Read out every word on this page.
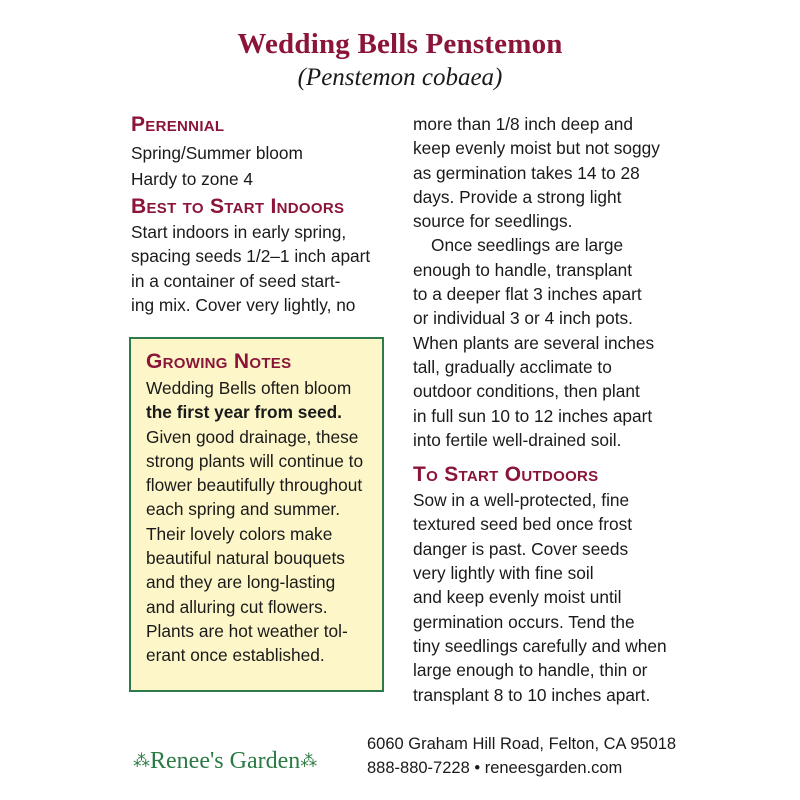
Wedding Bells Penstemon
(Penstemon cobaea)
Perennial
Spring/Summer bloom
Hardy to zone 4
Best to Start Indoors
Start indoors in early spring,
spacing seeds 1/2–1 inch apart
in a container of seed start-
ing mix. Cover very lightly, no
Growing Notes
Wedding Bells often bloom
the first year from seed.
Given good drainage, these
strong plants will continue to
flower beautifully throughout
each spring and summer.
Their lovely colors make
beautiful natural bouquets
and they are long-lasting
and alluring cut flowers.
Plants are hot weather tol-
erant once established.
more than 1/8 inch deep and
keep evenly moist but not soggy
as germination takes 14 to 28
days. Provide a strong light
source for seedlings.
Once seedlings are large
enough to handle, transplant
to a deeper flat 3 inches apart
or individual 3 or 4 inch pots.
When plants are several inches
tall, gradually acclimate to
outdoor conditions, then plant
in full sun 10 to 12 inches apart
into fertile well-drained soil.
To Start Outdoors
Sow in a well-protected, fine
textured seed bed once frost
danger is past. Cover seeds
very lightly with fine soil
and keep evenly moist until
germination occurs. Tend the
tiny seedlings carefully and when
large enough to handle, thin or
transplant 8 to 10 inches apart.
⁂Renee's Garden⁂
6060 Graham Hill Road, Felton, CA 95018
888-880-7228 • reneesgarden.com
